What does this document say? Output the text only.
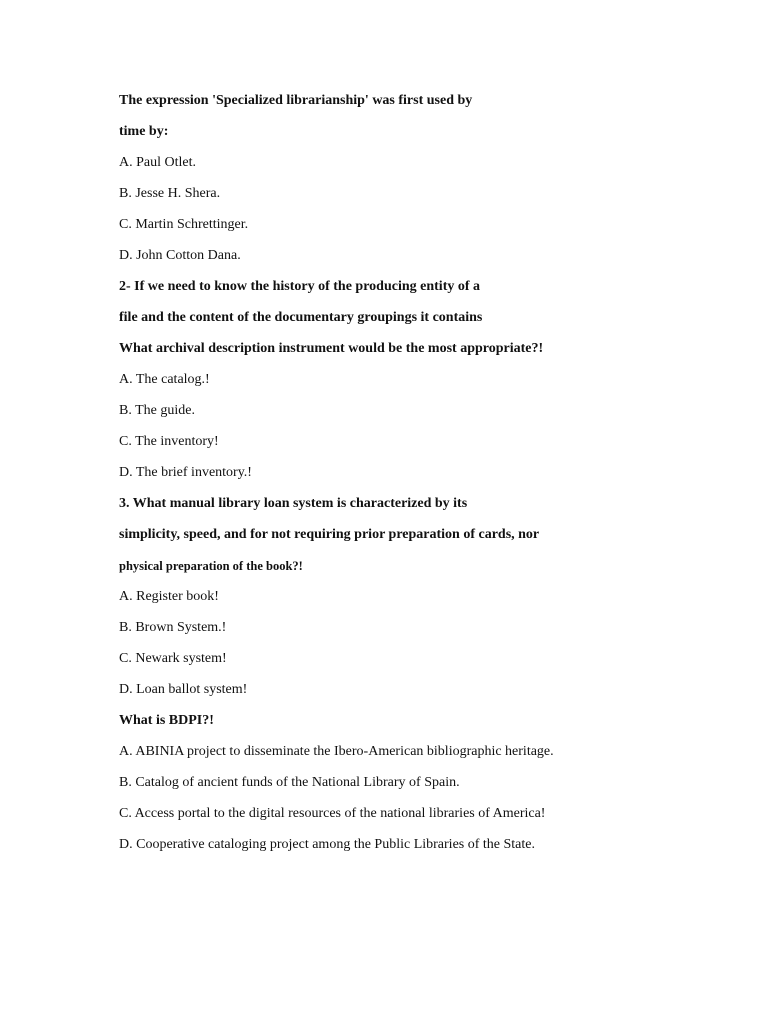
The expression 'Specialized librarianship' was first used by
time by:
A. Paul Otlet.
B. Jesse H. Shera.
C. Martin Schrettinger.
D. John Cotton Dana.
2- If we need to know the history of the producing entity of a
file and the content of the documentary groupings it contains
What archival description instrument would be the most appropriate?!
A. The catalog.!
B. The guide.
C. The inventory!
D. The brief inventory.!
3. What manual library loan system is characterized by its
simplicity, speed, and for not requiring prior preparation of cards, nor
physical preparation of the book?!
A. Register book!
B. Brown System.!
C. Newark system!
D. Loan ballot system!
What is BDPI?!
A. ABINIA project to disseminate the Ibero-American bibliographic heritage.
B. Catalog of ancient funds of the National Library of Spain.
C. Access portal to the digital resources of the national libraries of America!
D. Cooperative cataloging project among the Public Libraries of the State.
